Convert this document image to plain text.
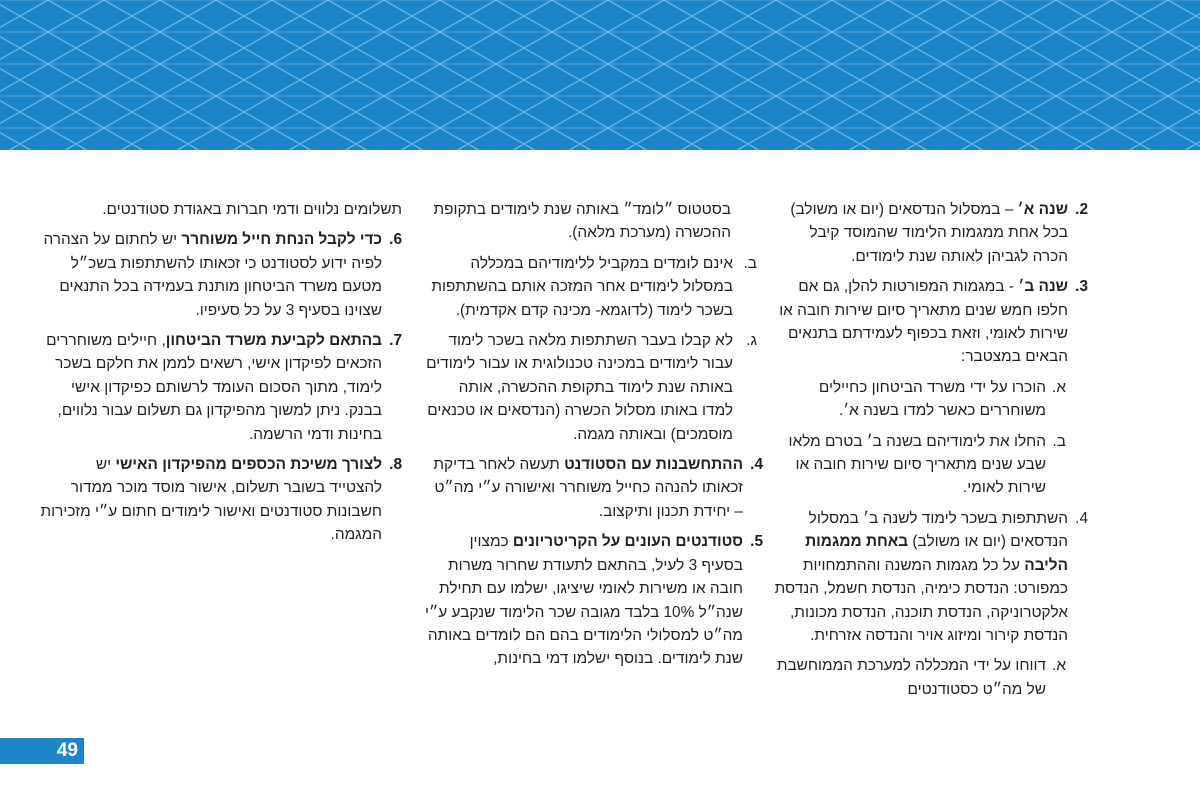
2.
שנה א׳ – במסלול הנדסאים (יום או משולב) בכל אחת ממגמות הלימוד שהמוסד קיבל הכרה לגביהן לאותה שנת לימודים.
3.
שנה ב׳ - במגמות המפורטות להלן, גם אם חלפו חמש שנים מתאריך סיום שירות חובה או שירות לאומי, וזאת בכפוף לעמידתם בתנאים הבאים במצטבר:
א.
הוכרו על ידי משרד הביטחון כחיילים משוחררים כאשר למדו בשנה א׳.
ב.
החלו את לימודיהם בשנה ב׳ בטרם מלאו שבע שנים מתאריך סיום שירות חובה או שירות לאומי.
4.
השתתפות בשכר לימוד לשנה ב׳ במסלול הנדסאים (יום או משולב) באחת ממגמות הליבה על כל מגמות המשנה וההתמחויות כמפורט: הנדסת כימיה, הנדסת חשמל, הנדסת אלקטרוניקה, הנדסת תוכנה, הנדסת מכונות, הנדסת קירור ומיזוג אויר והנדסה אזרחית.
א.
דווחו על ידי המכללה למערכת הממוחשבת של מה״ט כסטודנטים
בסטטוס ״לומד״ באותה שנת לימודים בתקופת ההכשרה (מערכת מלאה).
ב.
אינם לומדים במקביל ללימודיהם במכללה במסלול לימודים אחר המזכה אותם בהשתתפות בשכר לימוד (לדוגמא- מכינה קדם אקדמית).
ג.
לא קבלו בעבר השתתפות מלאה בשכר לימוד עבור לימודים במכינה טכנולוגית או עבור לימודים באותה שנת לימוד בתקופת ההכשרה, אותה למדו באותו מסלול הכשרה (הנדסאים או טכנאים מוסמכים) ובאותה מגמה.
4.
ההתחשבנות עם הסטודנט תעשה לאחר בדיקת זכאותו להנהה כחייל משוחרר ואישורה ע״י מה״ט – יחידת תכנון ותיקצוב.
5.
סטודנטים העונים על הקריטריונים כמצוין בסעיף 3 לעיל, בהתאם לתעודת שחרור משרות חובה או משירות לאומי שיציגו, ישלמו עם תחילת שנה״ל 10% בלבד מגובה שכר הלימוד שנקבע ע״י מה״ט למסלולי הלימודים בהם הם לומדים באותה שנת לימודים. בנוסף ישלמו דמי בחינות,
תשלומים נלווים ודמי חברות באגודת סטודנטים.
6.
כדי לקבל הנחת חייל משוחרר יש לחתום על הצהרה לפיה ידוע לסטודנט כי זכאותו להשתתפות בשכ״ל מטעם משרד הביטחון מותנת בעמידה בכל התנאים שצוינו בסעיף 3 על כל סעיפיו.
7.
בהתאם לקביעת משרד הביטחון, חיילים משוחררים הזכאים לפיקדון אישי, רשאים לממן את חלקם בשכר לימוד, מתוך הסכום העומד לרשותם כפיקדון אישי בבנק. ניתן למשוך מהפיקדון גם תשלום עבור נלווים, בחינות ודמי הרשמה.
8.
לצורך משיכת הכספים מהפיקדון האישי יש להצטייד בשובר תשלום, אישור מוסד מוכר ממדור חשבונות סטודנטים ואישור לימודים חתום ע״י מזכירות המגמה.
49
